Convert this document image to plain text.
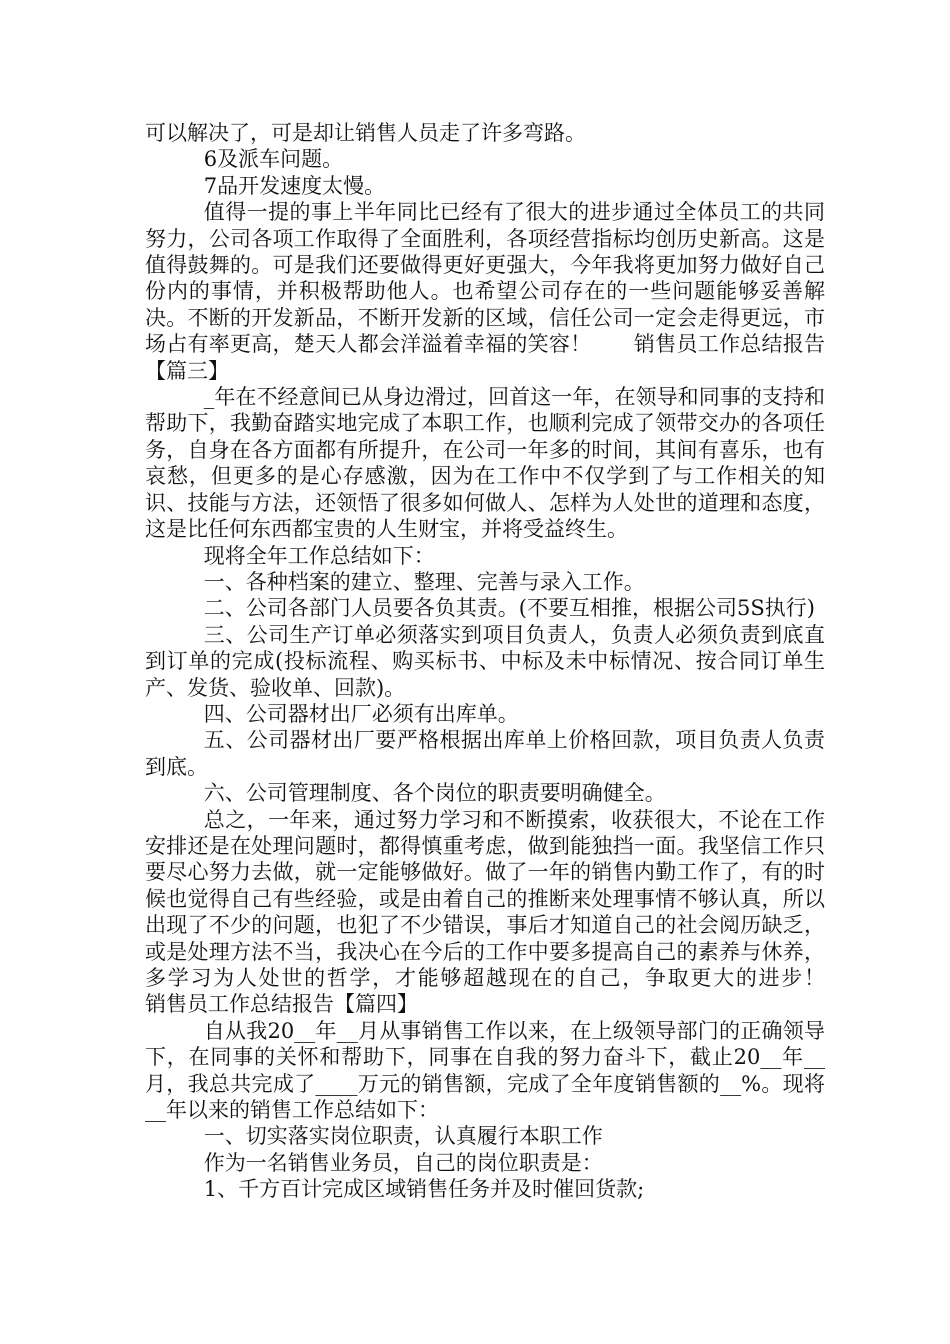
可以解决了，可是却让销售人员走了许多弯路。

6及派车问题。

7品开发速度太慢。

值得一提的事上半年同比已经有了很大的进步通过全体员工的共同努力，公司各项工作取得了全面胜利，各项经营指标均创历史新高。这是值得鼓舞的。可是我们还要做得更好更强大，今年我将更加努力做好自己份内的事情，并积极帮助他人。也希望公司存在的一些问题能够妥善解决。不断的开发新品，不断开发新的区域，信任公司一定会走得更远，市场占有率更高，楚天人都会洋溢着幸福的笑容！　　销售员工作总结报告【篇三】

_年在不经意间已从身边滑过，回首这一年，在领导和同事的支持和帮助下，我勤奋踏实地完成了本职工作，也顺利完成了领带交办的各项任务，自身在各方面都有所提升，在公司一年多的时间，其间有喜乐，也有哀愁，但更多的是心存感激，因为在工作中不仅学到了与工作相关的知识、技能与方法，还领悟了很多如何做人、怎样为人处世的道理和态度，这是比任何东西都宝贵的人生财宝，并将受益终生。

现将全年工作总结如下：

一、各种档案的建立、整理、完善与录入工作。

二、公司各部门人员要各负其责。(不要互相推，根据公司5S执行)

三、公司生产订单必须落实到项目负责人，负责人必须负责到底直到订单的完成(投标流程、购买标书、中标及未中标情况、按合同订单生产、发货、验收单、回款)。

四、公司器材出厂必须有出库单。

五、公司器材出厂要严格根据出库单上价格回款，项目负责人负责到底。

六、公司管理制度、各个岗位的职责要明确健全。

总之，一年来，通过努力学习和不断摸索，收获很大，不论在工作安排还是在处理问题时，都得慎重考虑，做到能独挡一面。我坚信工作只要尽心努力去做，就一定能够做好。做了一年的销售内勤工作了，有的时候也觉得自己有些经验，或是由着自己的推断来处理事情不够认真，所以出现了不少的问题，也犯了不少错误，事后才知道自己的社会阅历缺乏，或是处理方法不当，我决心在今后的工作中要多提高自己的素养与休养，多学习为人处世的哲学，才能够超越现在的自己，争取更大的进步！　　销售员工作总结报告【篇四】

自从我20__年__月从事销售工作以来，在上级领导部门的正确领导下，在同事的关怀和帮助下，同事在自我的努力奋斗下，截止20__年__月，我总共完成了____万元的销售额，完成了全年度销售额的__%。现将__年以来的销售工作总结如下：

一、切实落实岗位职责，认真履行本职工作

作为一名销售业务员，自己的岗位职责是：

1、千方百计完成区域销售任务并及时催回货款;
